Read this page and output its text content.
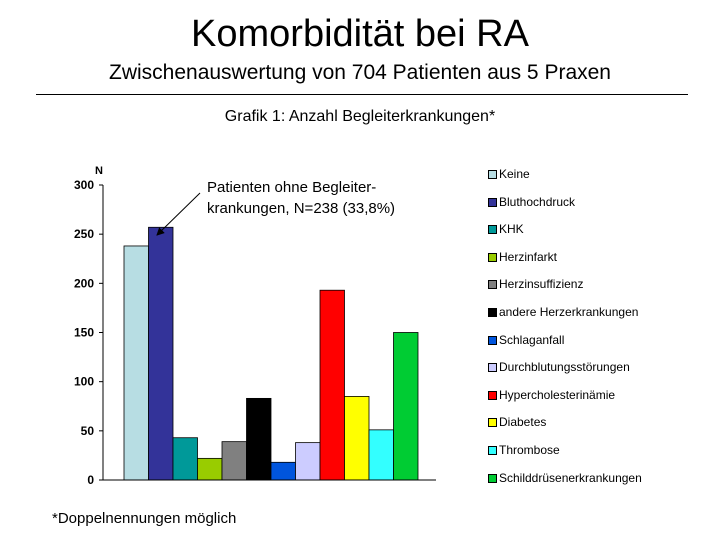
Komorbidität bei RA
Zwischenauswertung von 704 Patienten aus 5 Praxen
Grafik 1: Anzahl Begleiterkrankungen*
N
0
50
100
150
200
250
300	Patienten ohne Begleiter-
krankungen, N=238 (33,8%)
Keine
Bluthochdruck
KHK
Herzinfarkt
Herzinsuffizienz
andere Herzerkrankungen
Schlaganfall
Durchblutungsstörungen
Hypercholesterinämie
Diabetes
Thrombose
Schilddrüsenerkrankungen
*Doppelnennungen möglich
